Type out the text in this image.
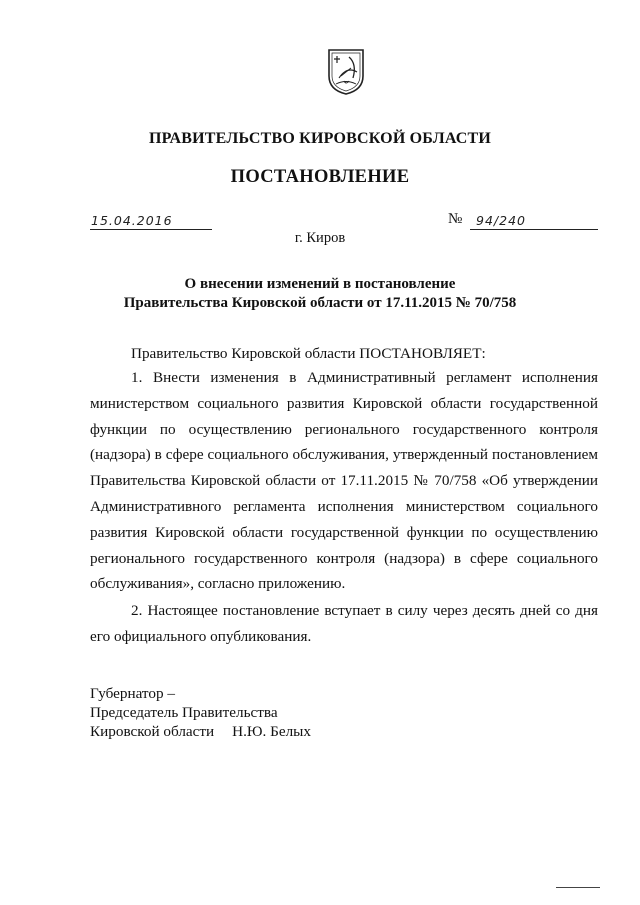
ПРАВИТЕЛЬСТВО КИРОВСКОЙ ОБЛАСТИ
ПОСТАНОВЛЕНИЕ
15.04.2016	№ 94/240
г. Киров
О внесении изменений в постановление
Правительства Кировской области от 17.11.2015 № 70/758
Правительство Кировской области ПОСТАНОВЛЯЕТ:
1. Внести изменения в Административный регламент исполнения министерством социального развития Кировской области государственной функции по осуществлению регионального государственного контроля (надзора) в сфере социального обслуживания, утвержденный постановлением Правительства Кировской области от 17.11.2015 № 70/758 «Об утверждении Административного регламента исполнения министерством социального развития Кировской области государственной функции по осуществлению регионального государственного контроля (надзора) в сфере социального обслуживания», согласно приложению.
2. Настоящее постановление вступает в силу через десять дней со дня его официального опубликования.
Губернатор –
Председатель Правительства
Кировской области Н.Ю. Белых
